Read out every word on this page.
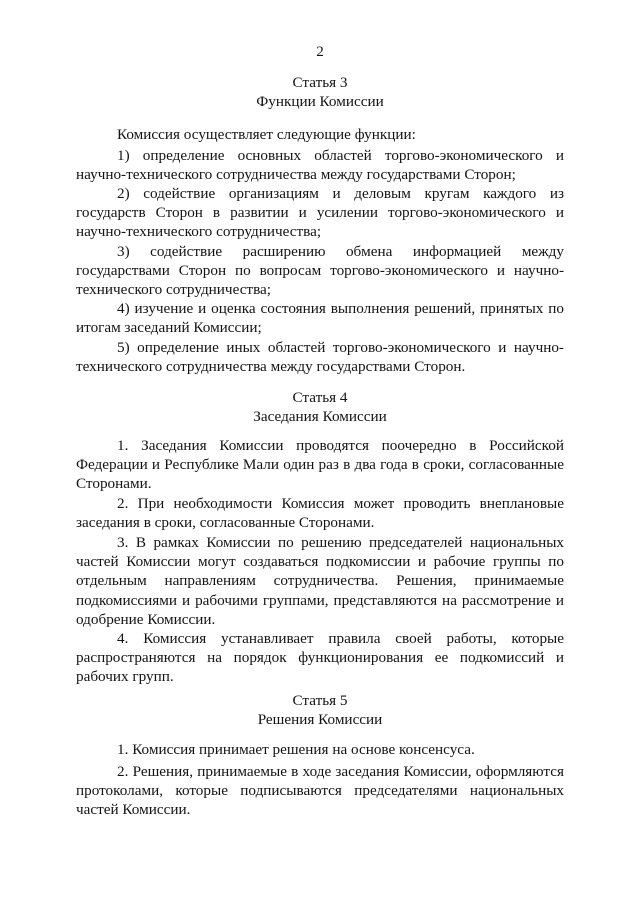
2
Статья 3
Функции Комиссии

Комиссия осуществляет следующие функции:

1) определение основных областей торгово-экономического и научно-технического сотрудничества между государствами Сторон;

2) содействие организациям и деловым кругам каждого из государств Сторон в развитии и усилении торгово-экономического и научно-технического сотрудничества;

3) содействие расширению обмена информацией между государствами Сторон по вопросам торгово-экономического и научно-технического сотрудничества;

4) изучение и оценка состояния выполнения решений, принятых по итогам заседаний Комиссии;

5) определение иных областей торгово-экономического и научно-технического сотрудничества между государствами Сторон.

Статья 4
Заседания Комиссии

1. Заседания Комиссии проводятся поочередно в Российской Федерации и Республике Мали один раз в два года в сроки, согласованные Сторонами.

2. При необходимости Комиссия может проводить внеплановые заседания в сроки, согласованные Сторонами.

3. В рамках Комиссии по решению председателей национальных частей Комиссии могут создаваться подкомиссии и рабочие группы по отдельным направлениям сотрудничества. Решения, принимаемые подкомиссиями и рабочими группами, представляются на рассмотрение и одобрение Комиссии.

4. Комиссия устанавливает правила своей работы, которые распространяются на порядок функционирования ее подкомиссий и рабочих групп.

Статья 5
Решения Комиссии

1. Комиссия принимает решения на основе консенсуса.

2. Решения, принимаемые в ходе заседания Комиссии, оформляются протоколами, которые подписываются председателями национальных частей Комиссии.
